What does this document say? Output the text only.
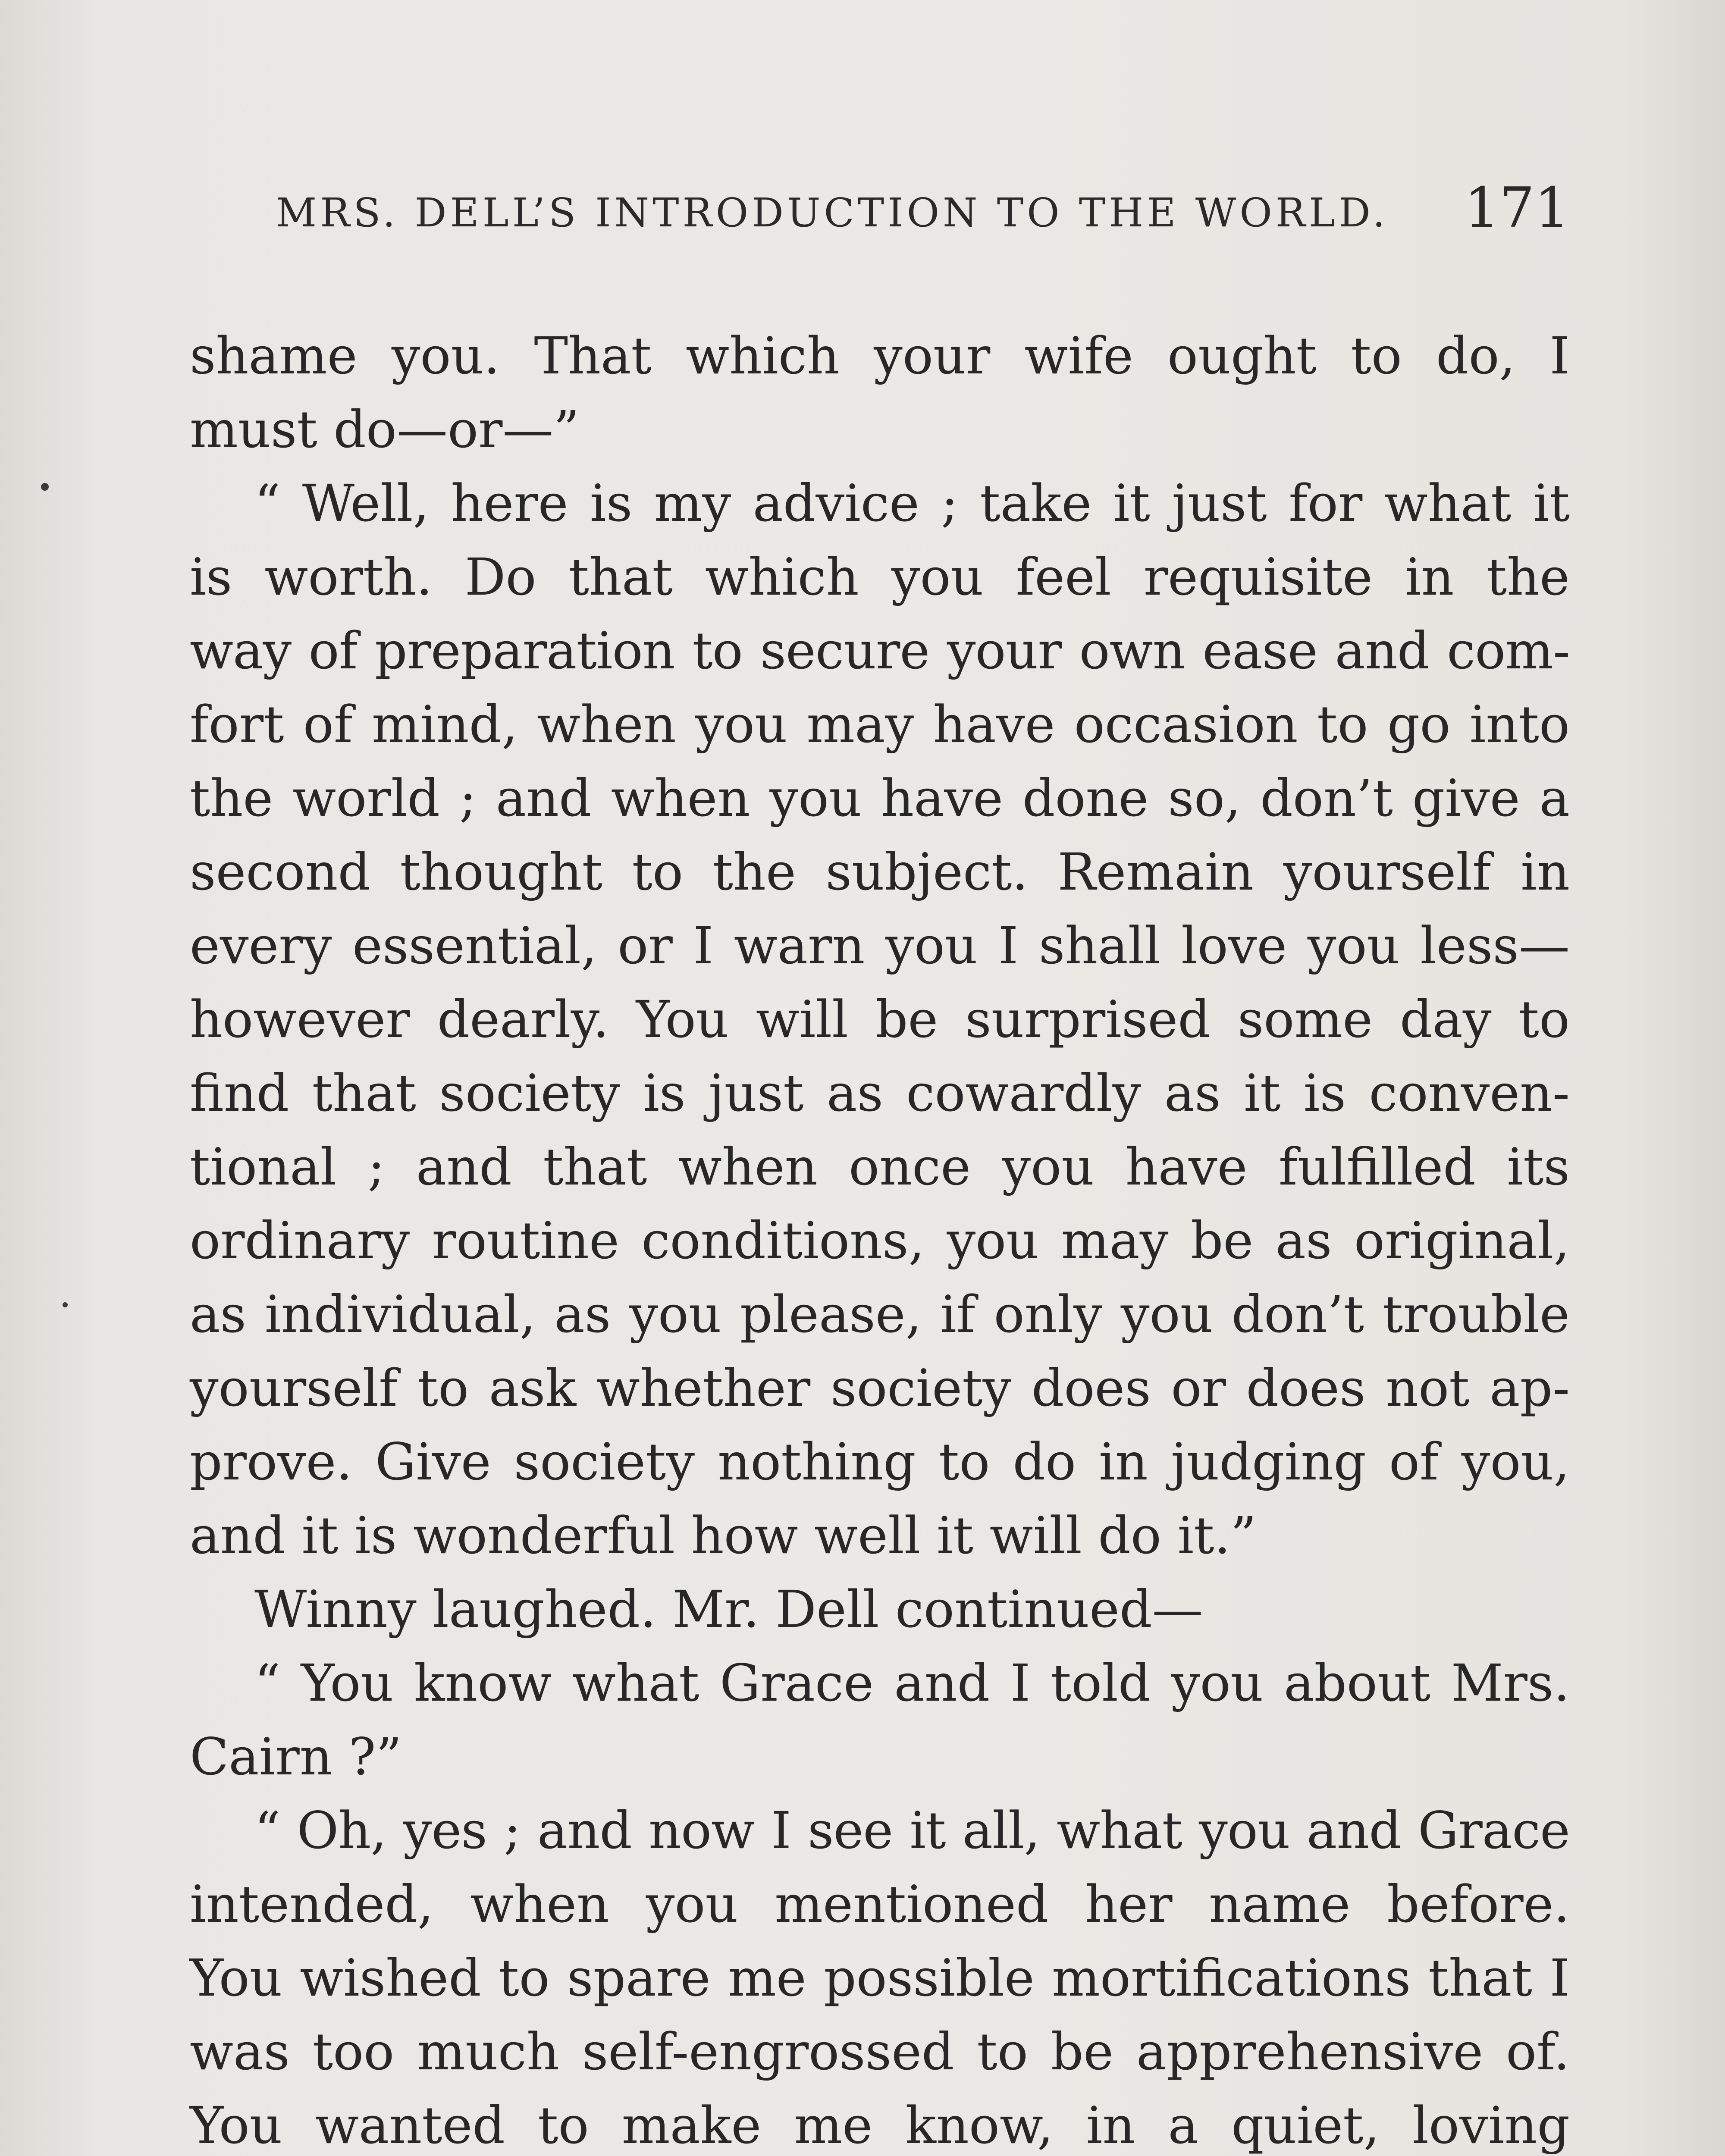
MRS. DELL’S INTRODUCTION TO THE WORLD. 171
shame you. That which your wife ought to do, I
must do—or—”
“ Well, here is my advice ; take it just for what it
is worth. Do that which you feel requisite in the
way of preparation to secure your own ease and com-
fort of mind, when you may have occasion to go into
the world ; and when you have done so, don’t give a
second thought to the subject. Remain yourself in
every essential, or I warn you I shall love you less—
however dearly. You will be surprised some day to
find that society is just as cowardly as it is conven-
tional ; and that when once you have fulfilled its
ordinary routine conditions, you may be as original,
as individual, as you please, if only you don’t trouble
yourself to ask whether society does or does not ap-
prove. Give society nothing to do in judging of you,
and it is wonderful how well it will do it.”
Winny laughed. Mr. Dell continued—
“ You know what Grace and I told you about Mrs.
Cairn ?”
“ Oh, yes ; and now I see it all, what you and Grace
intended, when you mentioned her name before.
You wished to spare me possible mortifications that I
was too much self-engrossed to be apprehensive of.
You wanted to make me know, in a quiet, loving
